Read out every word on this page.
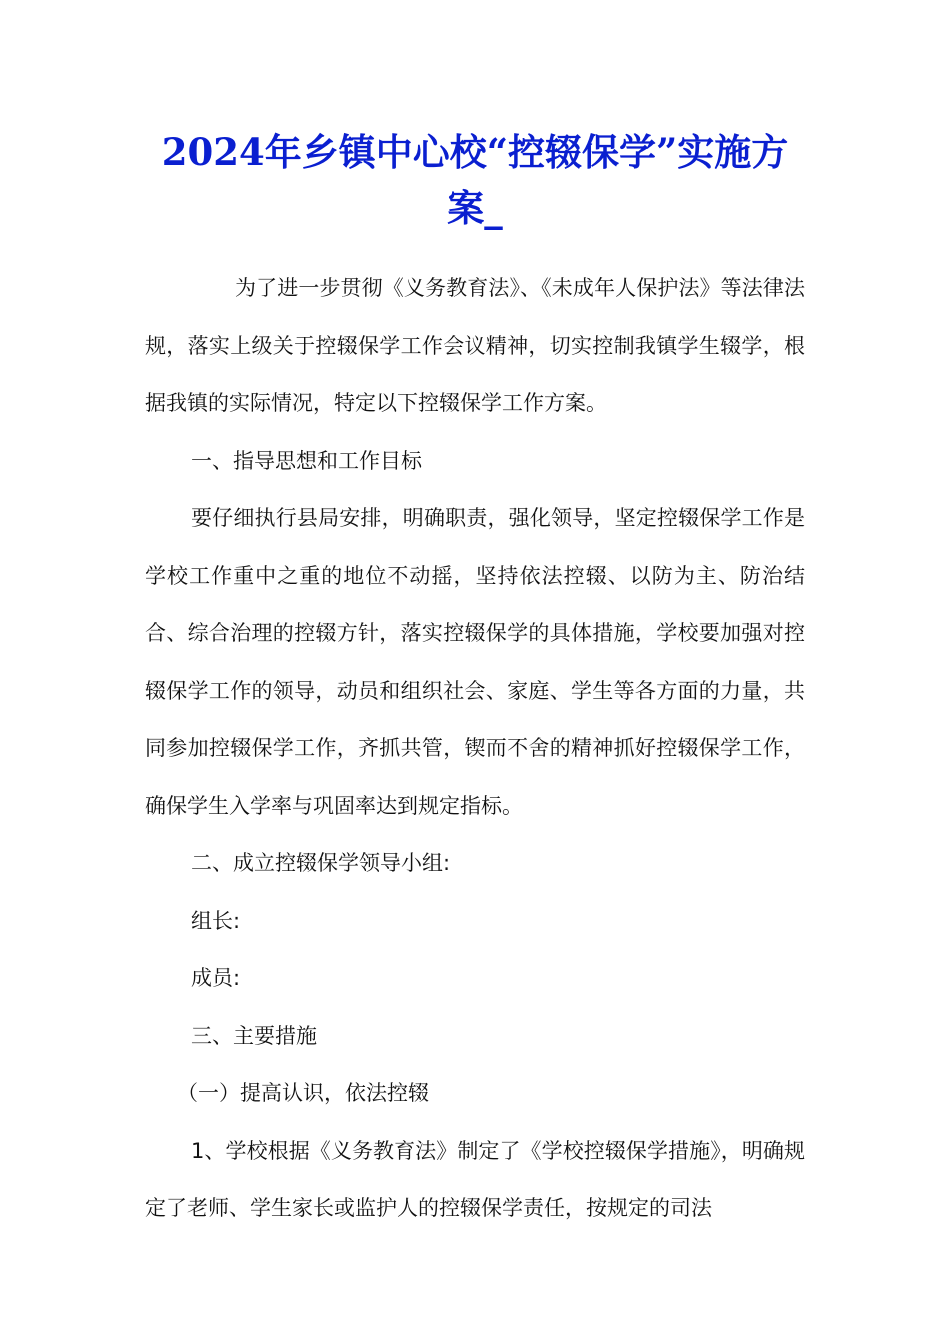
2024年乡镇中心校“控辍保学”实施方案_

为了进一步贯彻《义务教育法》、《未成年人保护法》等法律法规，落实上级关于控辍保学工作会议精神，切实控制我镇学生辍学，根据我镇的实际情况，特定以下控辍保学工作方案。

一、指导思想和工作目标

要仔细执行县局安排，明确职责，强化领导，坚定控辍保学工作是学校工作重中之重的地位不动摇，坚持依法控辍、以防为主、防治结合、综合治理的控辍方针，落实控辍保学的具体措施，学校要加强对控辍保学工作的领导，动员和组织社会、家庭、学生等各方面的力量，共同参加控辍保学工作，齐抓共管，锲而不舍的精神抓好控辍保学工作，确保学生入学率与巩固率达到规定指标。

二、成立控辍保学领导小组:

组长:

成员:

三、主要措施

（一）提高认识，依法控辍

1、学校根据《义务教育法》制定了《学校控辍保学措施》，明确规定了老师、学生家长或监护人的控辍保学责任，按规定的司法
